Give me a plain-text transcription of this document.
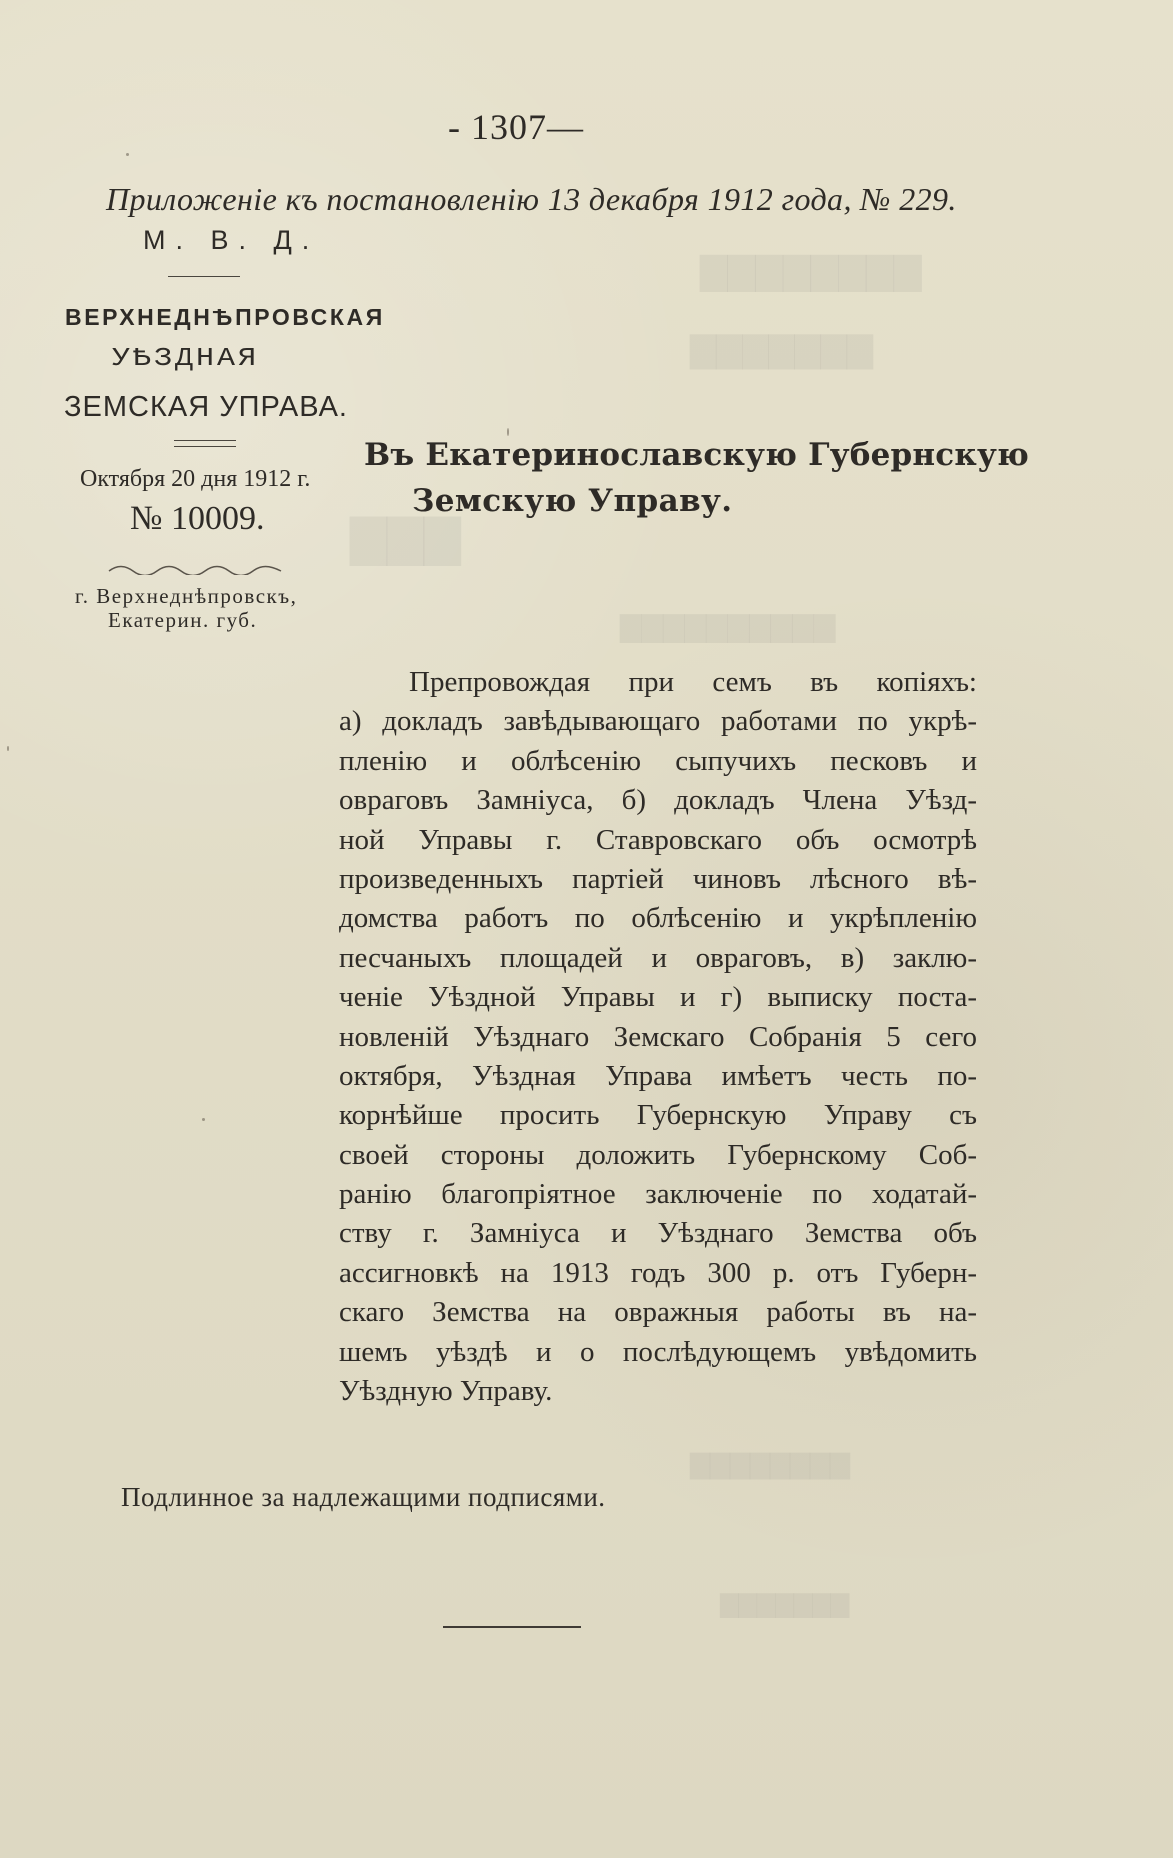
▇▇▇▇▇▇▇▇
▇▇▇▇▇▇▇
▇▇▇
▇▇▇▇▇▇▇▇▇▇
▇▇▇▇▇▇▇▇
▇▇▇▇▇▇▇
- 1307—
Приложеніе къ постановленію 13 декабря 1912 года, № 229.
М. В. Д.
ВЕРХНЕДНѢПРОВСКАЯ
УѢЗДНАЯ
ЗЕМСКАЯ УПРАВА.
Октября 20 дня 1912 г.
№ 10009.
г. Верхнеднѣпровскъ,
Екатерин. губ.
Въ Екатеринославскую Губернскую
Земскую Управу.
Препровождая при семъ въ копіяхъ:
а) докладъ завѣдывающаго работами по укрѣ-
пленію и облѣсенію сыпучихъ песковъ и
овраговъ Замніуса, б) докладъ Члена Уѣзд-
ной Управы г. Ставровскаго объ осмотрѣ
произведенныхъ партіей чиновъ лѣсного вѣ-
домства работъ по облѣсенію и укрѣпленію
песчаныхъ площадей и овраговъ, в) заклю-
ченіе Уѣздной Управы и г) выписку поста-
новленій Уѣзднаго Земскаго Собранія 5 сего
октября, Уѣздная Управа имѣетъ честь по-
корнѣйше просить Губернскую Управу съ
своей стороны доложить Губернскому Соб-
ранію благопріятное заключеніе по ходатай-
ству г. Замніуса и Уѣзднаго Земства объ
ассигновкѣ на 1913 годъ 300 р. отъ Губерн-
скаго Земства на овражныя работы въ на-
шемъ уѣздѣ и о послѣдующемъ увѣдомить
Уѣздную Управу.
Подлинное за надлежащими подписями.
